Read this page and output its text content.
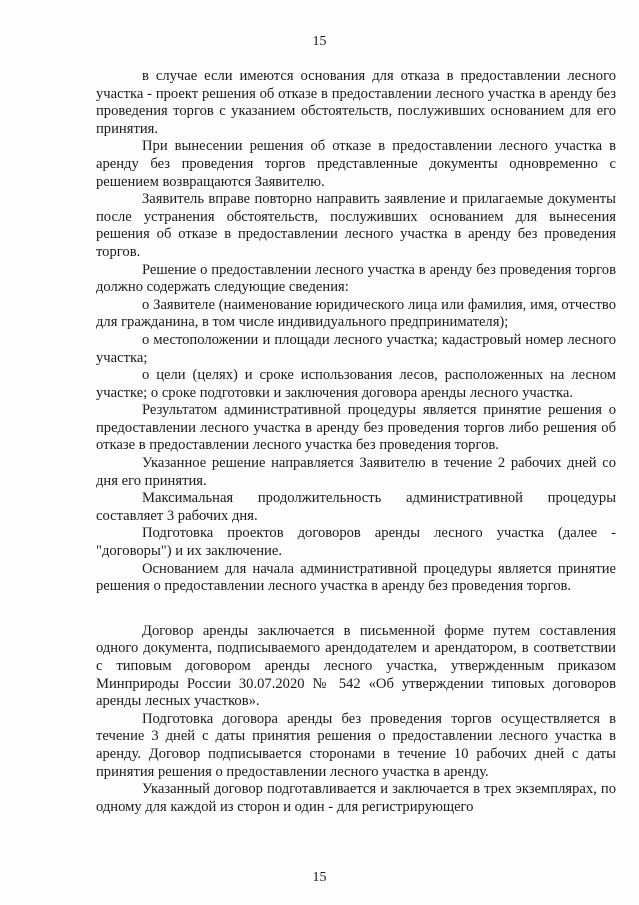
15

в случае если имеются основания для отказа в предоставлении лесного участка - проект решения об отказе в предоставлении лесного участка в аренду без проведения торгов с указанием обстоятельств, послуживших основанием для его принятия.

При вынесении решения об отказе в предоставлении лесного участка в аренду без проведения торгов представленные документы одновременно с решением возвращаются Заявителю.

Заявитель вправе повторно направить заявление и прилагаемые документы после устранения обстоятельств, послуживших основанием для вынесения решения об отказе в предоставлении лесного участка в аренду без проведения торгов.

Решение о предоставлении лесного участка в аренду без проведения торгов должно содержать следующие сведения:

о Заявителе (наименование юридического лица или фамилия, имя, отчество для гражданина, в том числе индивидуального предпринимателя);

о местоположении и площади лесного участка; кадастровый номер лесного участка;

о цели (целях) и сроке использования лесов, расположенных на лесном участке; о сроке подготовки и заключения договора аренды лесного участка.

Результатом административной процедуры является принятие решения о предоставлении лесного участка в аренду без проведения торгов либо решения об отказе в предоставлении лесного участка без проведения торгов.

Указанное решение направляется Заявителю в течение 2 рабочих дней со дня его принятия.

Максимальная продолжительность административной процедуры составляет 3 рабочих дня.

Подготовка проектов договоров аренды лесного участка (далее - "договоры") и их заключение.

Основанием для начала административной процедуры является принятие решения о предоставлении лесного участка в аренду без проведения торгов.

Договор аренды заключается в письменной форме путем составления одного документа, подписываемого арендодателем и арендатором, в соответствии с типовым договором аренды лесного участка, утвержденным приказом Минприроды России 30.07.2020 № 542 «Об утверждении типовых договоров аренды лесных участков».

Подготовка договора аренды без проведения торгов осуществляется в течение 3 дней с даты принятия решения о предоставлении лесного участка в аренду. Договор подписывается сторонами в течение 10 рабочих дней с даты принятия решения о предоставлении лесного участка в аренду.

Указанный договор подготавливается и заключается в трех экземплярах, по одному для каждой из сторон и один - для регистрирующего

15
